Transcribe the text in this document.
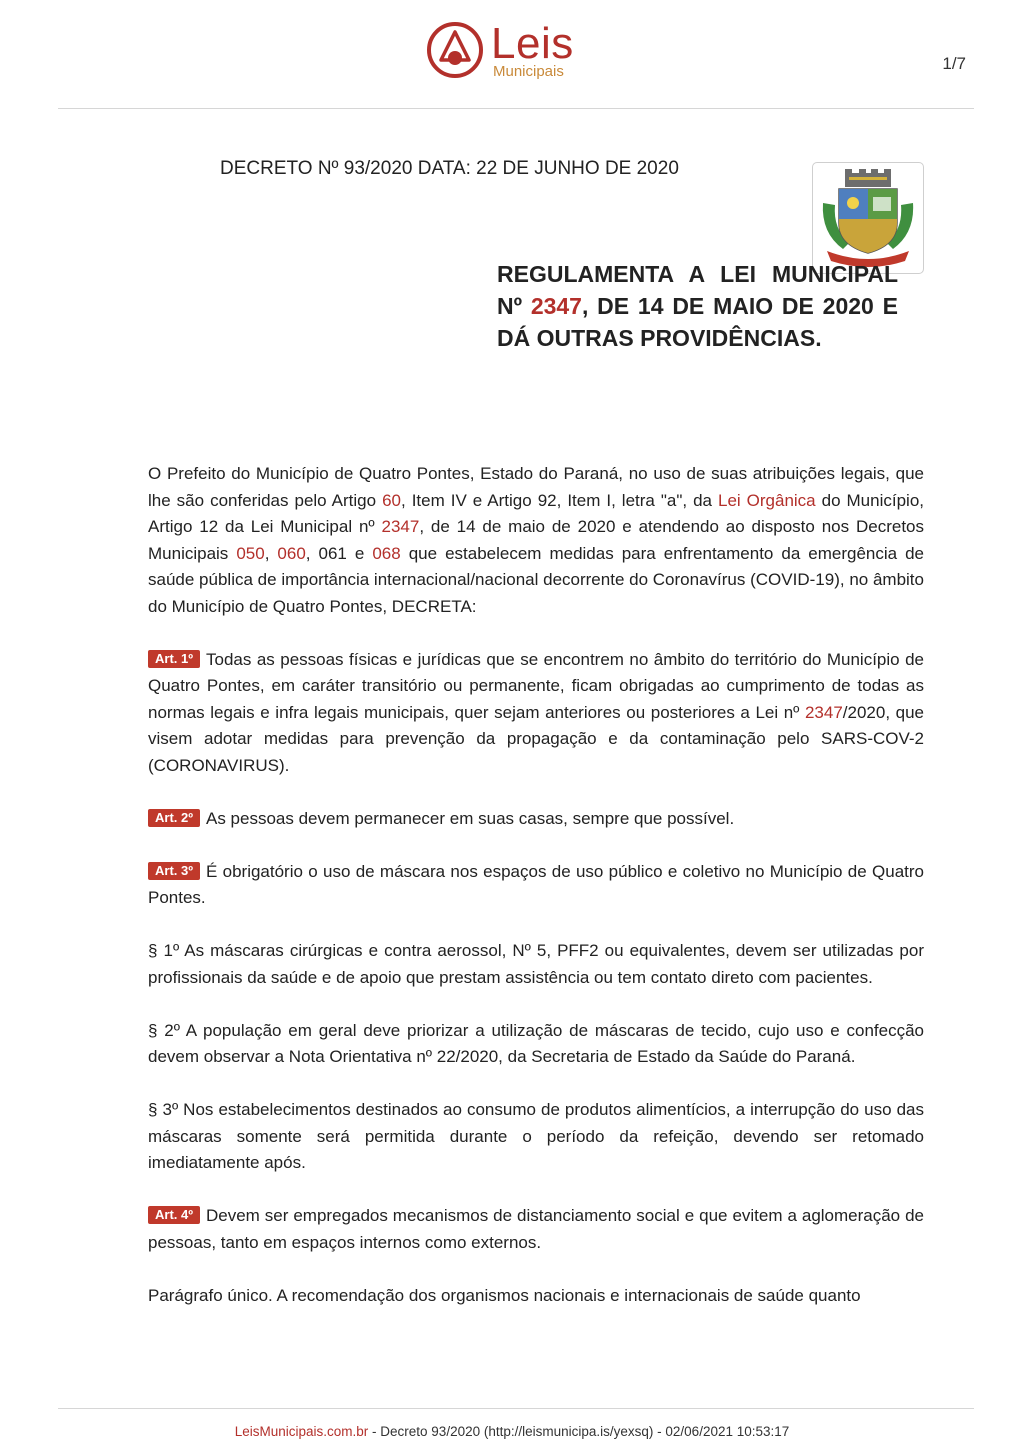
Leis
Municipais	1/7
DECRETO Nº 93/2020 DATA: 22 DE JUNHO DE 2020
REGULAMENTA A LEI MUNICIPAL Nº 2347, DE 14 DE MAIO DE 2020 E DÁ OUTRAS PROVIDÊNCIAS.

O Prefeito do Município de Quatro Pontes, Estado do Paraná, no uso de suas atribuições legais, que lhe são conferidas pelo Artigo 60, Item IV e Artigo 92, Item I, letra "a", da Lei Orgânica do Município, Artigo 12 da Lei Municipal nº 2347, de 14 de maio de 2020 e atendendo ao disposto nos Decretos Municipais 050, 060, 061 e 068 que estabelecem medidas para enfrentamento da emergência de saúde pública de importância internacional/nacional decorrente do Coronavírus (COVID-19), no âmbito do Município de Quatro Pontes, DECRETA:

Art. 1º Todas as pessoas físicas e jurídicas que se encontrem no âmbito do território do Município de Quatro Pontes, em caráter transitório ou permanente, ficam obrigadas ao cumprimento de todas as normas legais e infra legais municipais, quer sejam anteriores ou posteriores a Lei nº 2347/2020, que visem adotar medidas para prevenção da propagação e da contaminação pelo SARS-COV-2 (CORONAVIRUS).

Art. 2º As pessoas devem permanecer em suas casas, sempre que possível.

Art. 3º É obrigatório o uso de máscara nos espaços de uso público e coletivo no Município de Quatro Pontes.

§ 1º As máscaras cirúrgicas e contra aerossol, Nº 5, PFF2 ou equivalentes, devem ser utilizadas por profissionais da saúde e de apoio que prestam assistência ou tem contato direto com pacientes.

§ 2º A população em geral deve priorizar a utilização de máscaras de tecido, cujo uso e confecção devem observar a Nota Orientativa nº 22/2020, da Secretaria de Estado da Saúde do Paraná.

§ 3º Nos estabelecimentos destinados ao consumo de produtos alimentícios, a interrupção do uso das máscaras somente será permitida durante o período da refeição, devendo ser retomado imediatamente após.

Art. 4º Devem ser empregados mecanismos de distanciamento social e que evitem a aglomeração de pessoas, tanto em espaços internos como externos.

Parágrafo único. A recomendação dos organismos nacionais e internacionais de saúde quanto

LeisMunicipais.com.br - Decreto 93/2020 (http://leismunicipa.is/yexsq) - 02/06/2021 10:53:17
